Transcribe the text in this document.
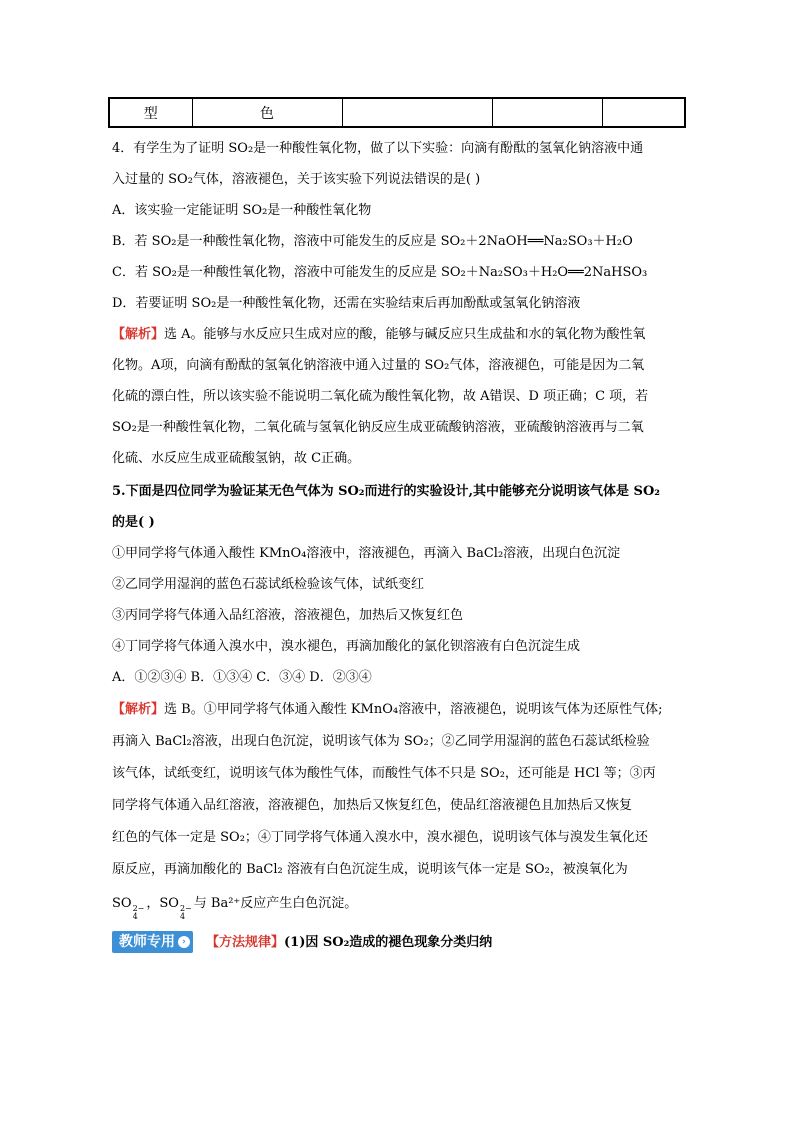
型	色			
4．有学生为了证明 SO₂是一种酸性氧化物，做了以下实验：向滴有酚酞的氢氧化钠溶液中通
入过量的 SO₂气体，溶液褪色，关于该实验下列说法错误的是( )
A．该实验一定能证明 SO₂是一种酸性氧化物
B．若 SO₂是一种酸性氧化物，溶液中可能发生的反应是 SO₂＋2NaOH══Na₂SO₃＋H₂O
C．若 SO₂是一种酸性氧化物，溶液中可能发生的反应是 SO₂＋Na₂SO₃＋H₂O══2NaHSO₃
D．若要证明 SO₂是一种酸性氧化物，还需在实验结束后再加酚酞或氢氧化钠溶液
【解析】选 A。能够与水反应只生成对应的酸，能够与碱反应只生成盐和水的氧化物为酸性氧
化物。A项，向滴有酚酞的氢氧化钠溶液中通入过量的 SO₂气体，溶液褪色，可能是因为二氧
化硫的漂白性，所以该实验不能说明二氧化硫为酸性氧化物，故 A错误、D 项正确；C 项，若
SO₂是一种酸性氧化物，二氧化硫与氢氧化钠反应生成亚硫酸钠溶液，亚硫酸钠溶液再与二氧
化硫、水反应生成亚硫酸氢钠，故 C正确。
5.下面是四位同学为验证某无色气体为 SO₂而进行的实验设计,其中能够充分说明该气体是 SO₂
的是( )
①甲同学将气体通入酸性 KMnO₄溶液中，溶液褪色，再滴入 BaCl₂溶液，出现白色沉淀
②乙同学用湿润的蓝色石蕊试纸检验该气体，试纸变红
③丙同学将气体通入品红溶液，溶液褪色，加热后又恢复红色
④丁同学将气体通入溴水中，溴水褪色，再滴加酸化的氯化钡溶液有白色沉淀生成
A．①②③④ B．①③④ C．③④ D．②③④
【解析】选 B。①甲同学将气体通入酸性 KMnO₄溶液中，溶液褪色，说明该气体为还原性气体;
再滴入 BaCl₂溶液，出现白色沉淀，说明该气体为 SO₂；②乙同学用湿润的蓝色石蕊试纸检验
该气体，试纸变红，说明该气体为酸性气体，而酸性气体不只是 SO₂，还可能是 HCl 等；③丙
同学将气体通入品红溶液，溶液褪色，加热后又恢复红色，使品红溶液褪色且加热后又恢复
红色的气体一定是 SO₂；④丁同学将气体通入溴水中，溴水褪色，说明该气体与溴发生氧化还
原反应，再滴加酸化的 BaCl₂ 溶液有白色沉淀生成，说明该气体一定是 SO₂，被溴氧化为
SO 2−
4
，SO 2−
4
与 Ba²⁺反应产生白色沉淀。
教师专用 ›	【方法规律】(1)因 SO₂造成的褪色现象分类归纳
